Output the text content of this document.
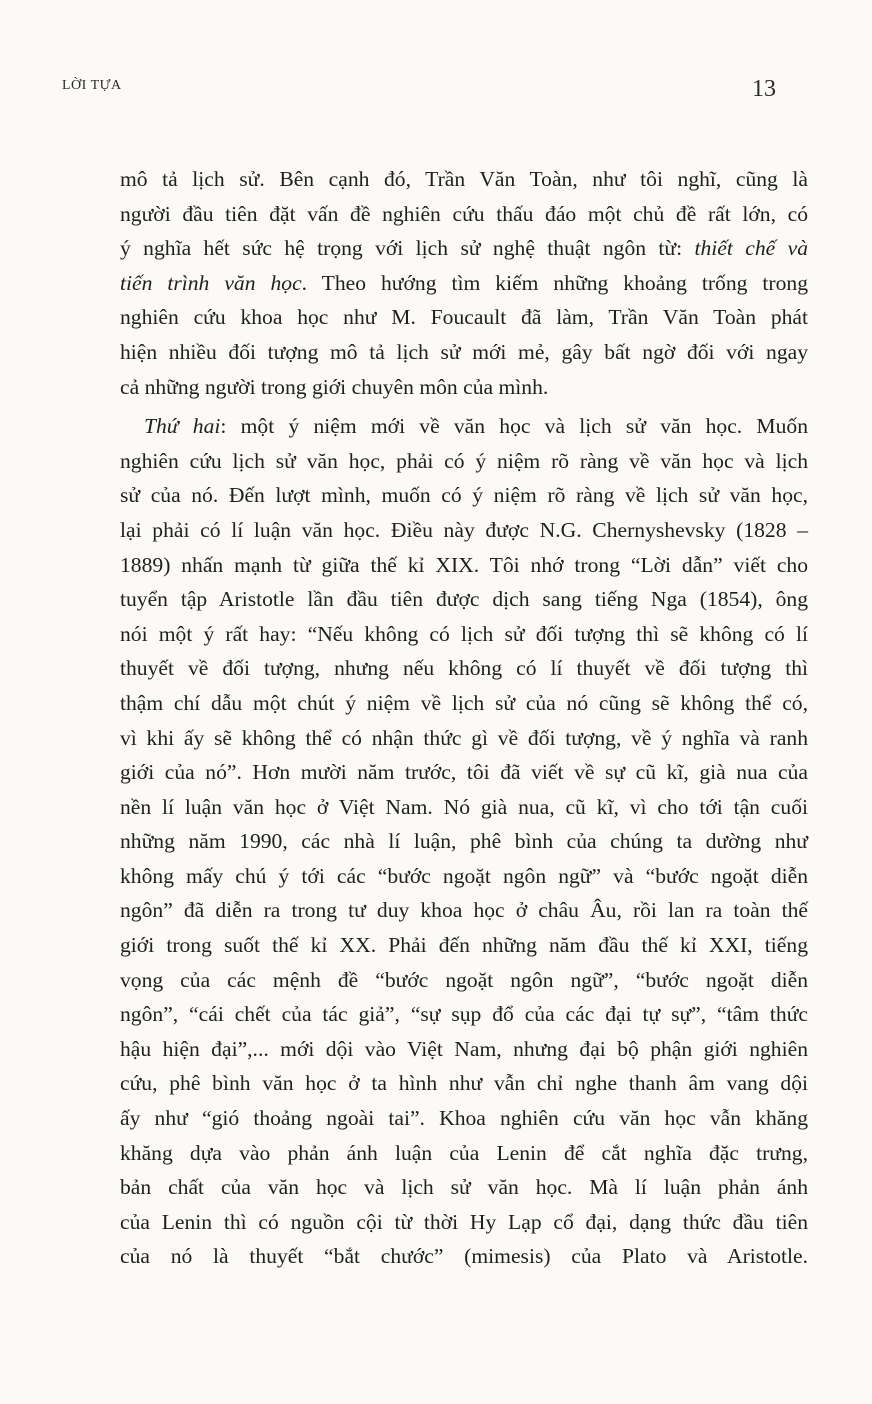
LỜI TỰA	13
mô tả lịch sử. Bên cạnh đó, Trần Văn Toàn, như tôi nghĩ, cũng là
người đầu tiên đặt vấn đề nghiên cứu thấu đáo một chủ đề rất lớn, có
ý nghĩa hết sức hệ trọng với lịch sử nghệ thuật ngôn từ: thiết chế và
tiến trình văn học. Theo hướng tìm kiếm những khoảng trống trong
nghiên cứu khoa học như M. Foucault đã làm, Trần Văn Toàn phát
hiện nhiều đối tượng mô tả lịch sử mới mẻ, gây bất ngờ đối với ngay
cả những người trong giới chuyên môn của mình.
Thứ hai: một ý niệm mới về văn học và lịch sử văn học. Muốn
nghiên cứu lịch sử văn học, phải có ý niệm rõ ràng về văn học và lịch
sử của nó. Đến lượt mình, muốn có ý niệm rõ ràng về lịch sử văn học,
lại phải có lí luận văn học. Điều này được N.G. Chernyshevsky (1828 –
1889) nhấn mạnh từ giữa thế kỉ XIX. Tôi nhớ trong “Lời dẫn” viết cho
tuyển tập Aristotle lần đầu tiên được dịch sang tiếng Nga (1854), ông
nói một ý rất hay: “Nếu không có lịch sử đối tượng thì sẽ không có lí
thuyết về đối tượng, nhưng nếu không có lí thuyết về đối tượng thì
thậm chí dẫu một chút ý niệm về lịch sử của nó cũng sẽ không thể có,
vì khi ấy sẽ không thể có nhận thức gì về đối tượng, về ý nghĩa và ranh
giới của nó”. Hơn mười năm trước, tôi đã viết về sự cũ kĩ, già nua của
nền lí luận văn học ở Việt Nam. Nó già nua, cũ kĩ, vì cho tới tận cuối
những năm 1990, các nhà lí luận, phê bình của chúng ta dường như
không mấy chú ý tới các “bước ngoặt ngôn ngữ” và “bước ngoặt diễn
ngôn” đã diễn ra trong tư duy khoa học ở châu Âu, rồi lan ra toàn thế
giới trong suốt thế kỉ XX. Phải đến những năm đầu thế kỉ XXI, tiếng
vọng của các mệnh đề “bước ngoặt ngôn ngữ”, “bước ngoặt diễn
ngôn”, “cái chết của tác giả”, “sự sụp đổ của các đại tự sự”, “tâm thức
hậu hiện đại”,... mới dội vào Việt Nam, nhưng đại bộ phận giới nghiên
cứu, phê bình văn học ở ta hình như vẫn chỉ nghe thanh âm vang dội
ấy như “gió thoảng ngoài tai”. Khoa nghiên cứu văn học vẫn khăng
khăng dựa vào phản ánh luận của Lenin để cắt nghĩa đặc trưng,
bản chất của văn học và lịch sử văn học. Mà lí luận phản ánh
của Lenin thì có nguồn cội từ thời Hy Lạp cổ đại, dạng thức đầu tiên
của nó là thuyết “bắt chước” (mimesis) của Plato và Aristotle.
